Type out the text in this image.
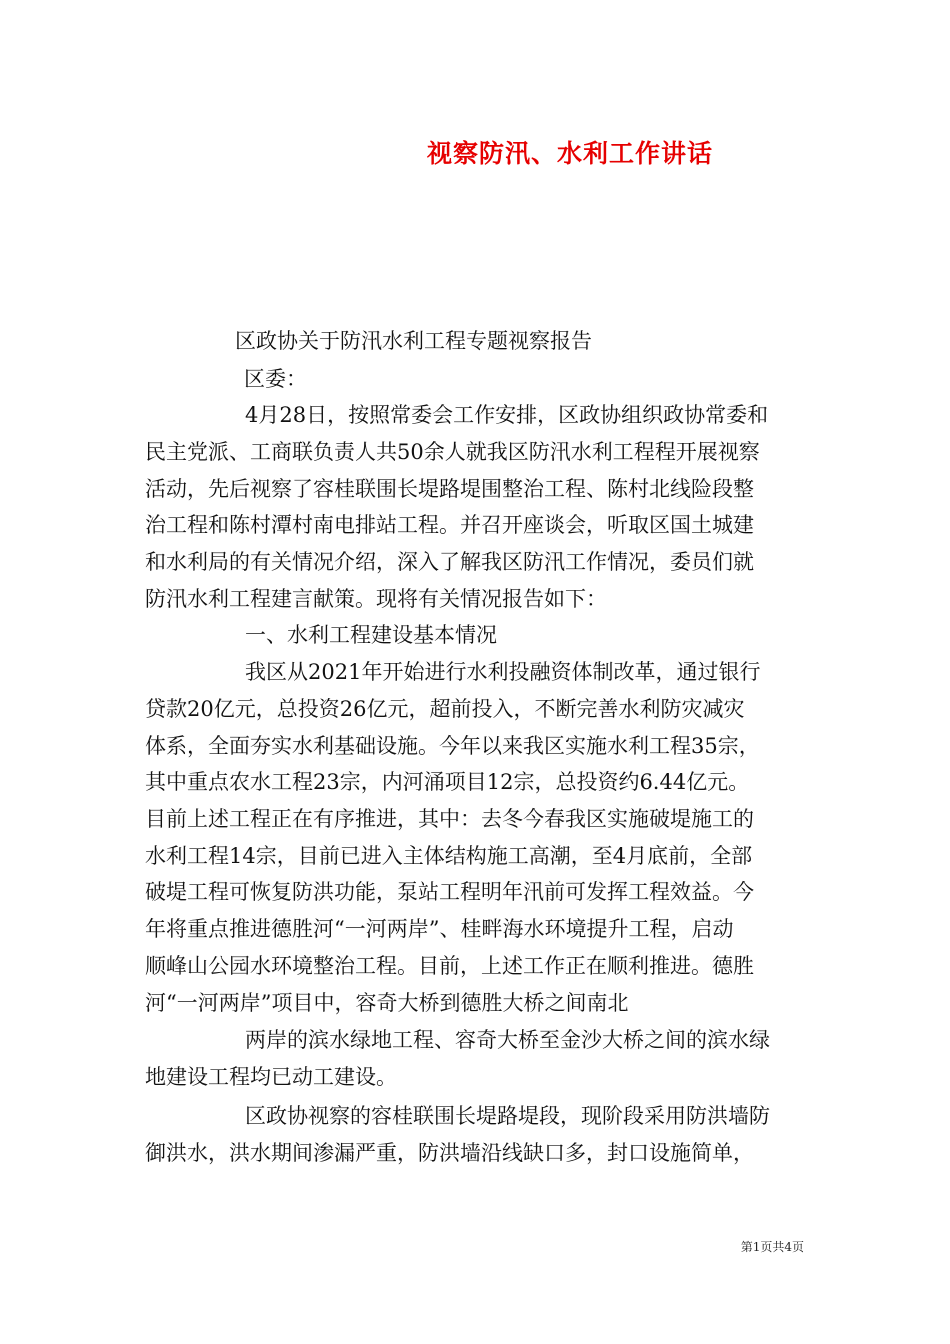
视察防汛、水利工作讲话
区政协关于防汛水利工程专题视察报告
区委：
4月28日，按照常委会工作安排，区政协组织政协常委和
民主党派、工商联负责人共50余人就我区防汛水利工程程开展视察
活动，先后视察了容桂联围长堤路堤围整治工程、陈村北线险段整
治工程和陈村潭村南电排站工程。并召开座谈会，听取区国土城建
和水利局的有关情况介绍，深入了解我区防汛工作情况，委员们就
防汛水利工程建言献策。现将有关情况报告如下：
一、水利工程建设基本情况
我区从2021年开始进行水利投融资体制改革，通过银行
贷款20亿元，总投资26亿元，超前投入，不断完善水利防灾减灾
体系，全面夯实水利基础设施。今年以来我区实施水利工程35宗，
其中重点农水工程23宗，内河涌项目12宗，总投资约6.44亿元。
目前上述工程正在有序推进，其中：去冬今春我区实施破堤施工的
水利工程14宗，目前已进入主体结构施工高潮，至4月底前，全部
破堤工程可恢复防洪功能，泵站工程明年汛前可发挥工程效益。今
年将重点推进德胜河“一河两岸”、桂畔海水环境提升工程，启动
顺峰山公园水环境整治工程。目前，上述工作正在顺利推进。德胜
河“一河两岸”项目中，容奇大桥到德胜大桥之间南北
两岸的滨水绿地工程、容奇大桥至金沙大桥之间的滨水绿
地建设工程均已动工建设。
区政协视察的容桂联围长堤路堤段，现阶段采用防洪墙防
御洪水，洪水期间渗漏严重，防洪墙沿线缺口多，封口设施简单，
第1页共4页
